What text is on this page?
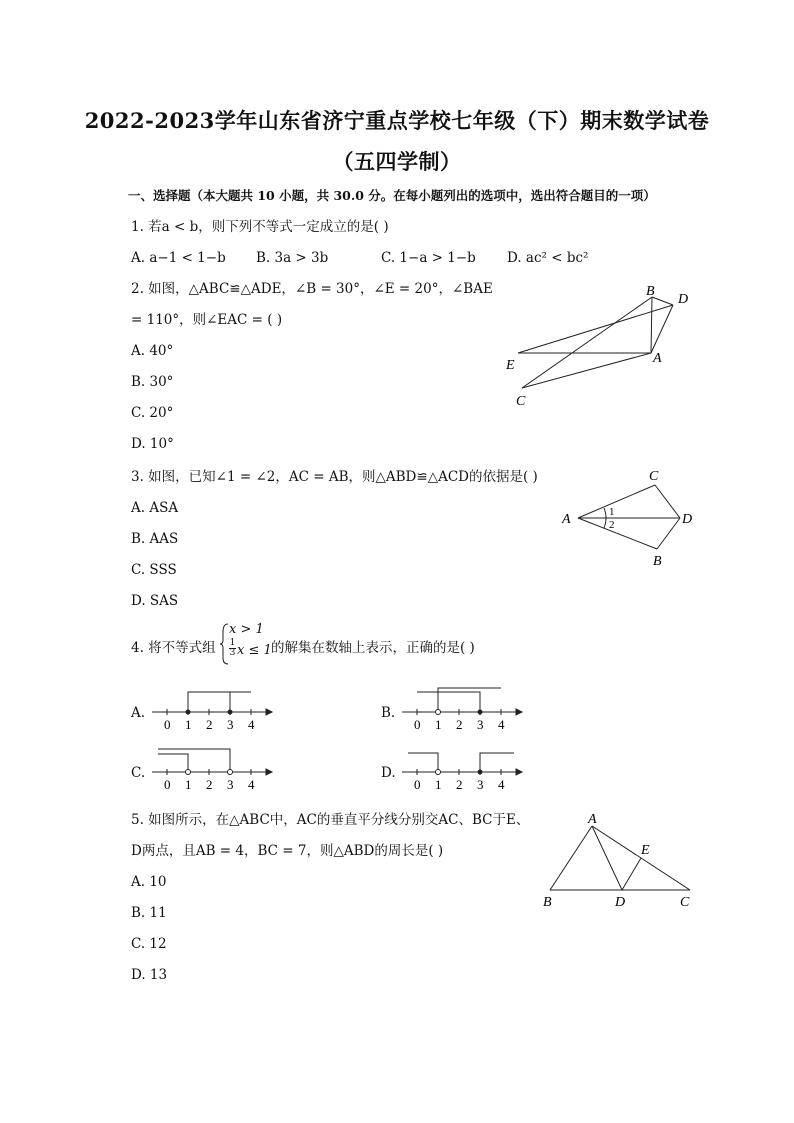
2022-2023学年山东省济宁重点学校七年级（下）期末数学试卷
（五四学制）
一、选择题（本大题共 10 小题，共 30.0 分。在每小题列出的选项中，选出符合题目的一项）
1. 若a < b，则下列不等式一定成立的是( )
A. a−1 < 1−b B. 3a > 3b	C. 1−a > 1−b D. ac² < bc²
2. 如图，△ABC≌△ADE，∠B = 30°，∠E = 20°，∠BAE
= 110°，则∠EAC = ( )
A. 40°
B. 30°
C. 20°
D. 10°
B
D
E	A
C
3. 如图，已知∠1 = ∠2，AC = AB，则△ABD≌△ACD的依据是( )
A. ASA
B. AAS
C. SSS
D. SAS
A
C
D
B
1
2
4. 将不等式组
x > 1
$\frac{1}{3}$ x ≤ 1 的解集在数轴上表示，正确的是( )
A.
0 1 2 3 4
B.
0 1 2 3 4
C.
0 1 2 3 4
D.
0 1 2 3 4
5. 如图所示，在△ABC中，AC的垂直平分线分别交AC、BC于E、
D两点，且AB = 4，BC = 7，则△ABD的周长是( )
A. 10
B. 11
C. 12
D. 13
A
E
B	D	C
